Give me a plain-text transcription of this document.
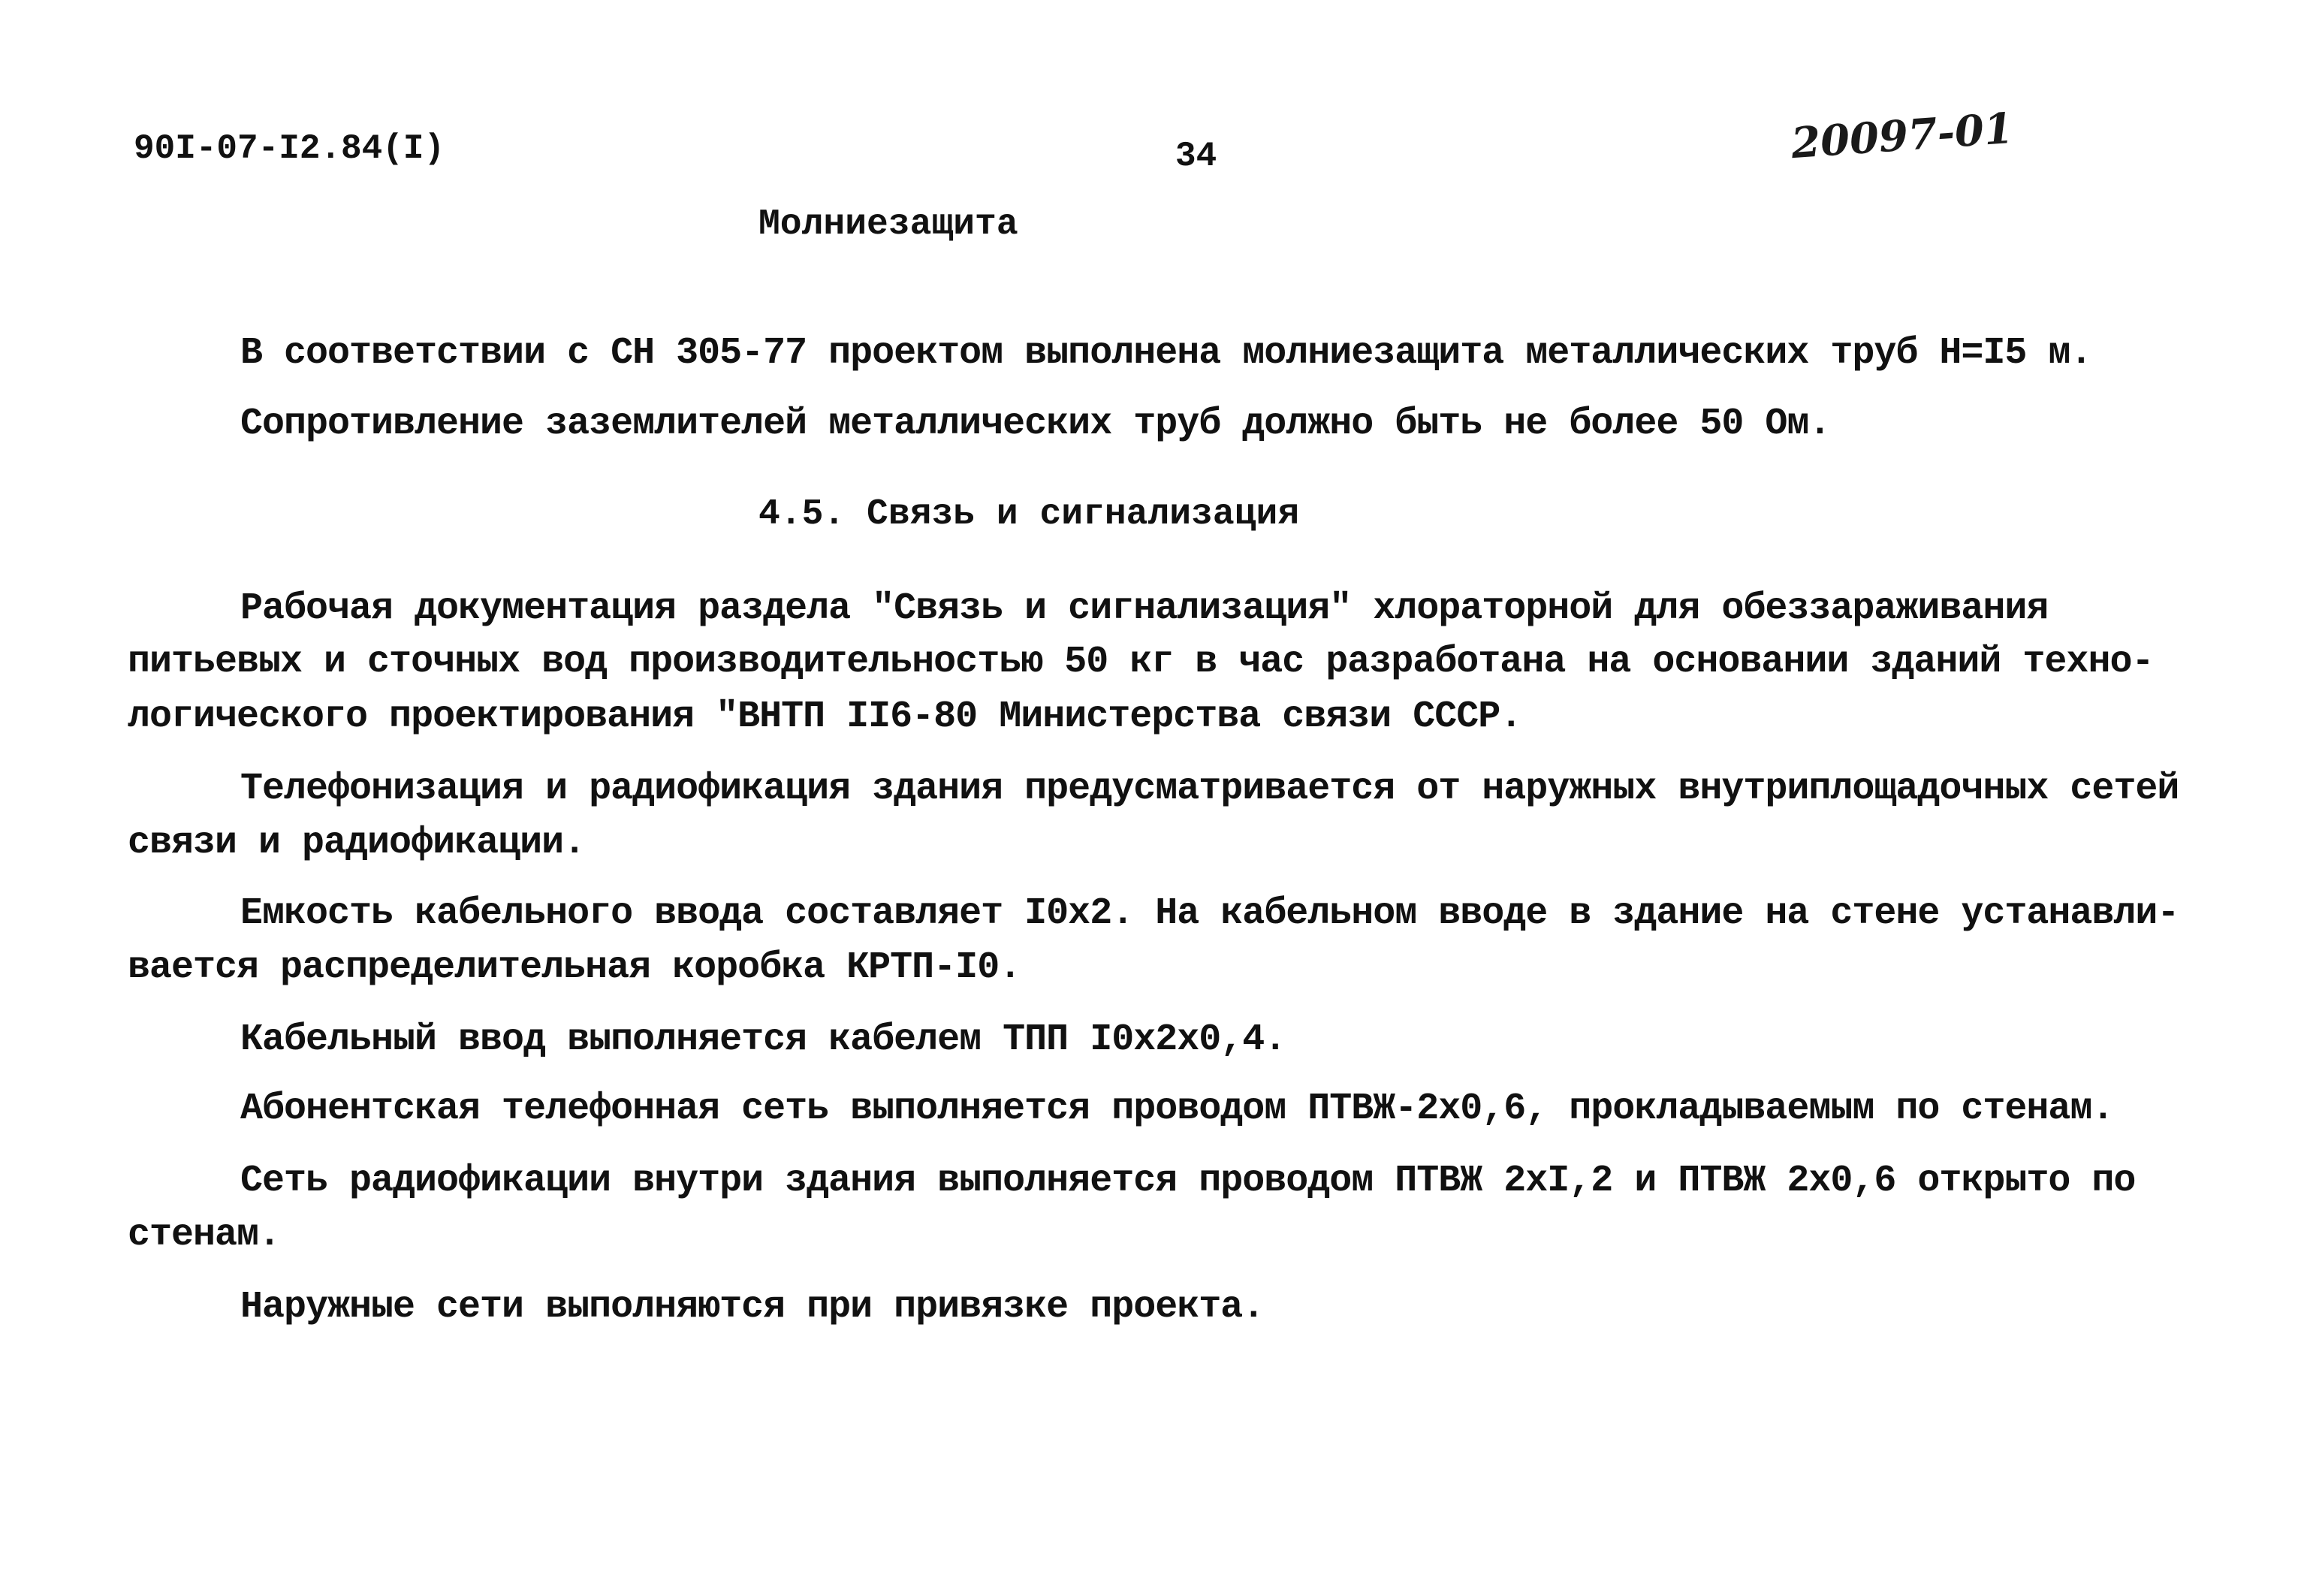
90I-07-I2.84(I)	34	20097-01
Молниезащита
В соответствии с СН 305-77 проектом выполнена молниезащита металлических труб Н=I5 м.
Сопротивление заземлителей металлических труб должно быть не более 50 Ом.
4.5. Связь и сигнализация
Рабочая документация раздела "Связь и сигнализация" хлораторной для обеззараживания
питьевых и сточных вод производительностью 50 кг в час разработана на основании зданий техно-
логического проектирования "ВНТП II6-80 Министерства связи СССР.
Телефонизация и радиофикация здания предусматривается от наружных внутриплощадочных сетей
связи и радиофикации.
Емкость кабельного ввода составляет I0х2. На кабельном вводе в здание на стене устанавли-
вается распределительная коробка КРТП-I0.
Кабельный ввод выполняется кабелем ТПП I0х2х0,4.
Абонентская телефонная сеть выполняется проводом ПТВЖ-2х0,6, прокладываемым по стенам.
Сеть радиофикации внутри здания выполняется проводом ПТВЖ 2хI,2 и ПТВЖ 2х0,6 открыто по
стенам.
Наружные сети выполняются при привязке проекта.
